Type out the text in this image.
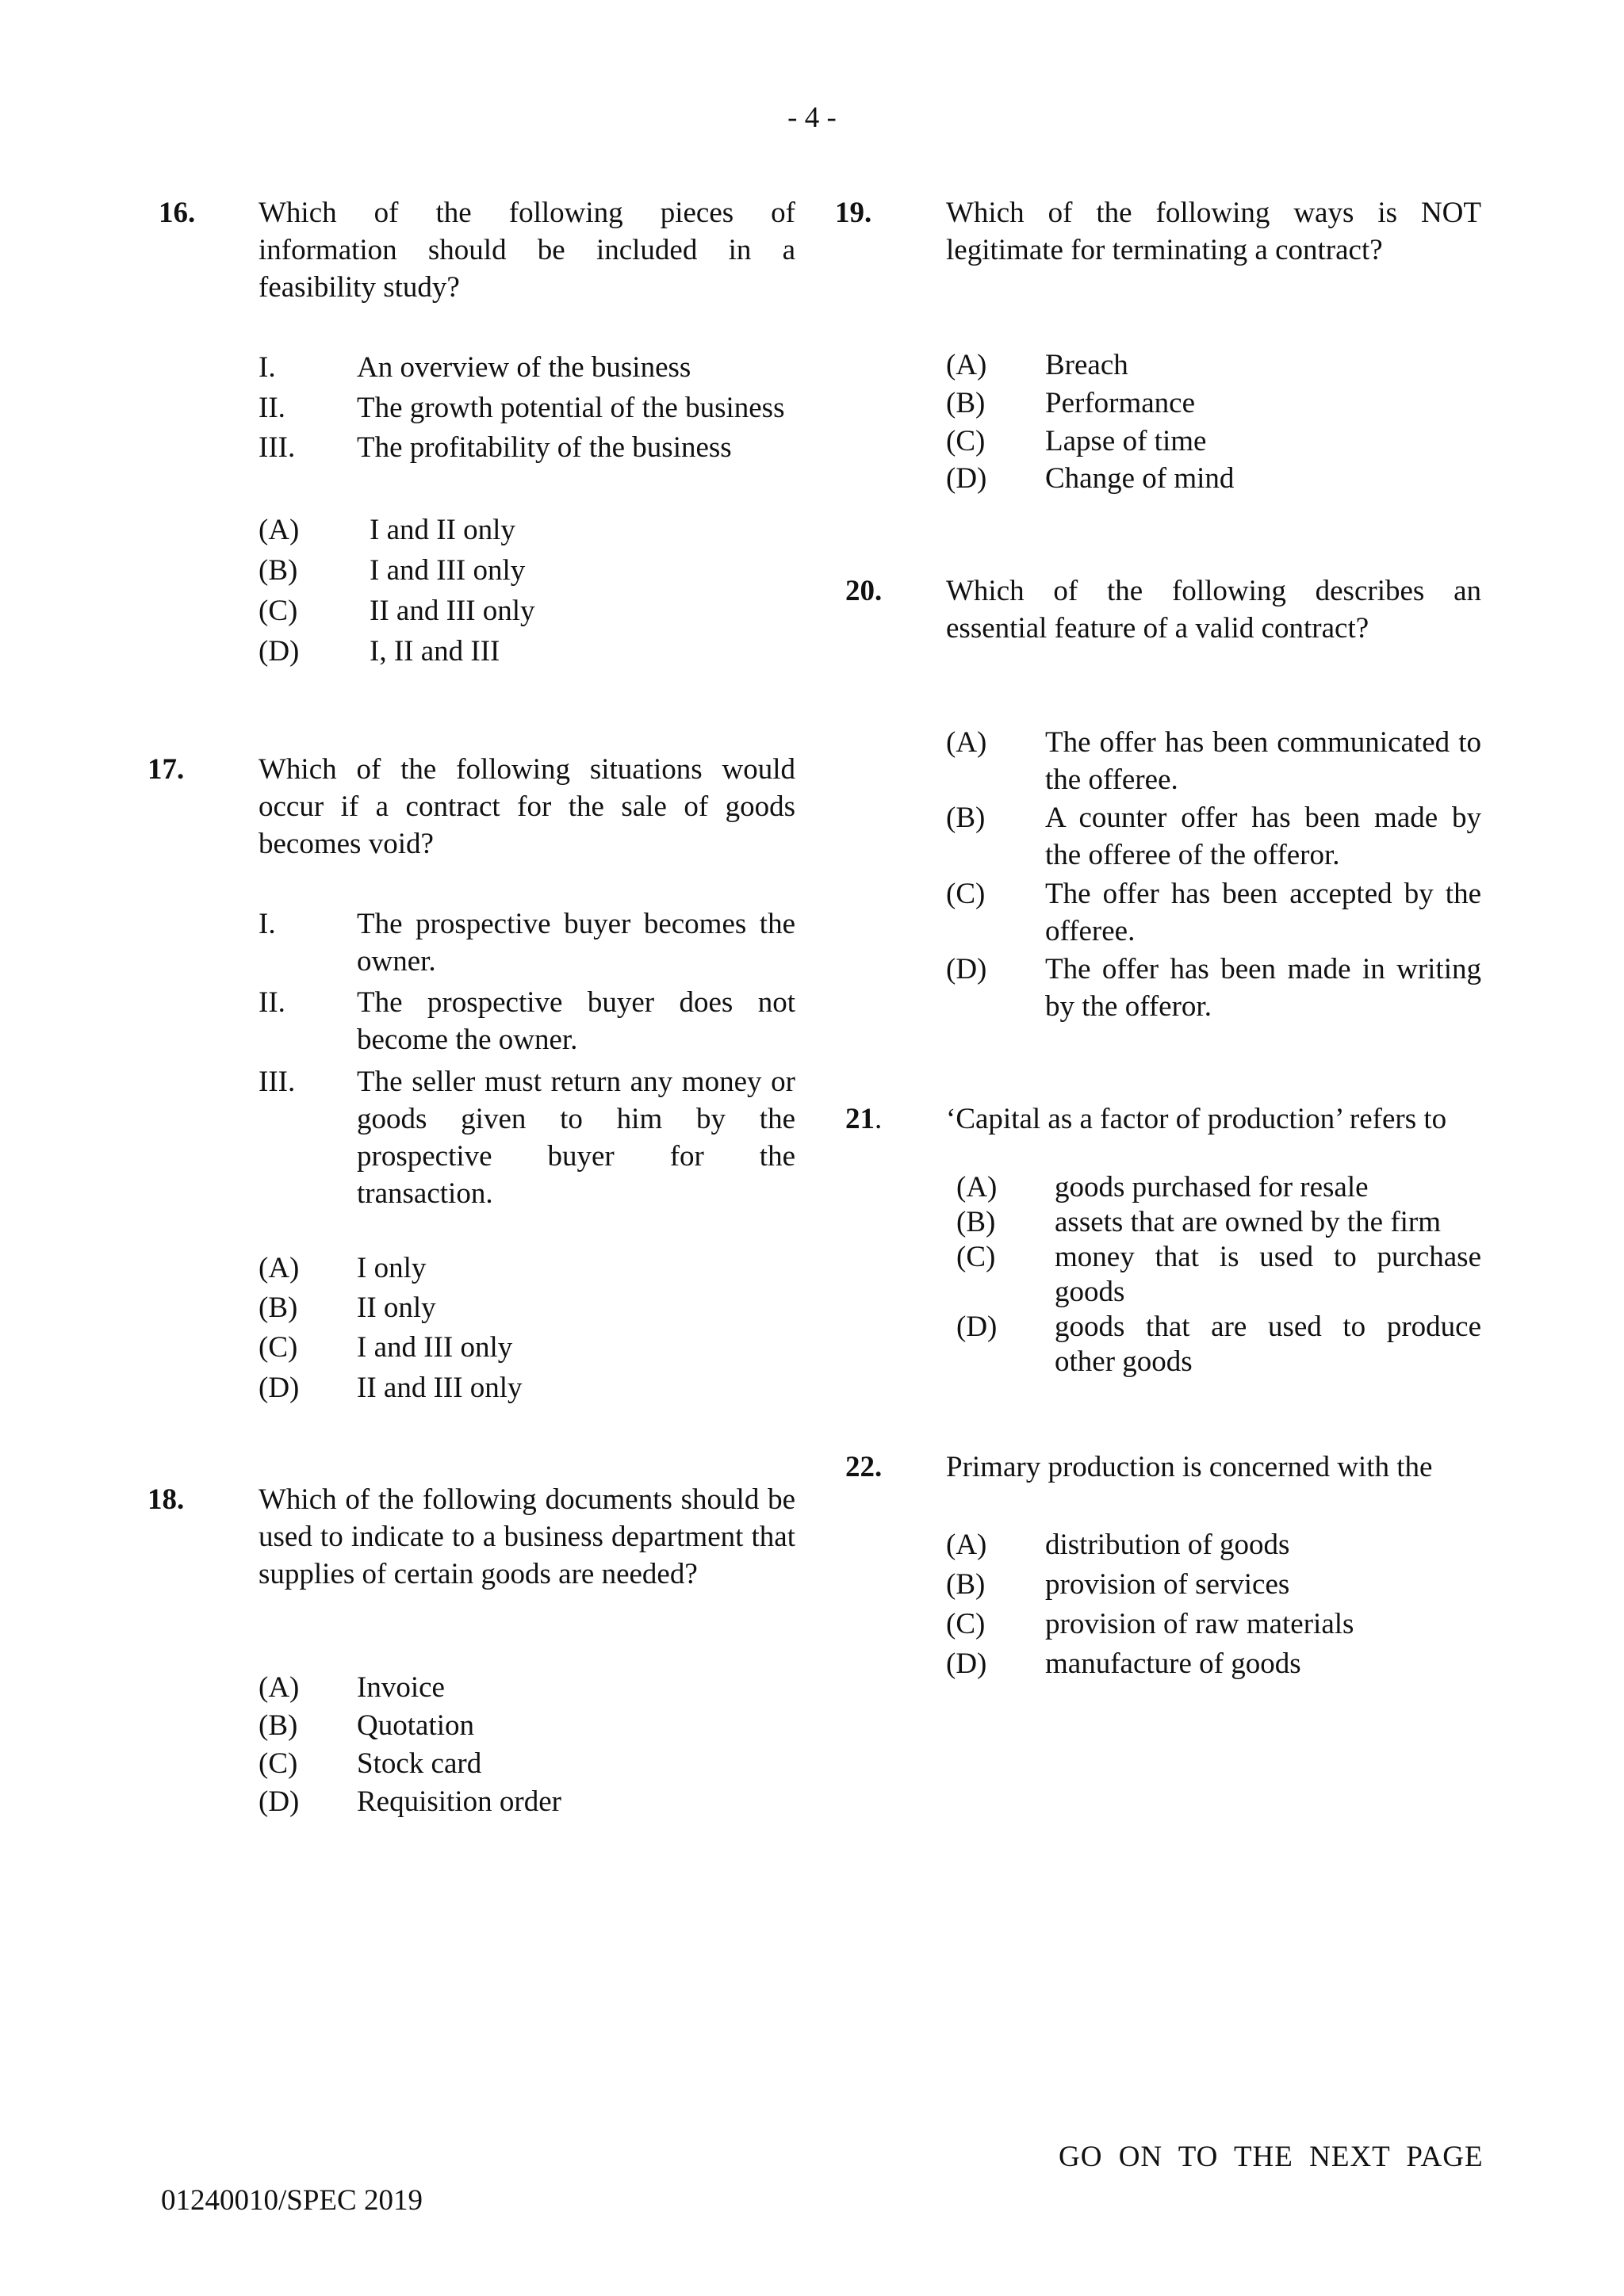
- 4 -
16. Which of the following pieces of
information should be included in a
feasibility study?
I.	An overview of the business
II. The growth potential of the business
III. The profitability of the business
(A) I and II only
(B) I and III only
(C) II and III only
(D) I, II and III
17.	Which of the following situations would
occur if a contract for the sale of goods
becomes void?
I.	The prospective buyer becomes the
owner.
II. The prospective buyer does not
become the owner.
III. The seller must return any money or
goods given to him by the
prospective buyer for the
transaction.
(A) I only
(B) II only
(C) I and III only
(D) II and III only
18.	Which of the following documents should be
used to indicate to a business department that
supplies of certain goods are needed?
(A) Invoice
(B) Quotation
(C) Stock card
(D) Requisition order
19.	Which of the following ways is NOT
legitimate for terminating a contract?
(A) Breach
(B) Performance
(C) Lapse of time
(D) Change of mind
20. Which of the following describes an
essential feature of a valid contract?
(A) The offer has been communicated to
the offeree.
(B) A counter offer has been made by
the offeree of the offeror.
(C) The offer has been accepted by the
offeree.
(D) The offer has been made in writing
by the offeror.
21. ‘Capital as a factor of production’ refers to
(A) goods purchased for resale
(B) assets that are owned by the firm
(C) money that is used to purchase
goods
(D) goods that are used to produce
other goods
22. Primary production is concerned with the
(A) distribution of goods
(B) provision of services
(C) provision of raw materials
(D) manufacture of goods
GO ON TO THE NEXT PAGE
01240010/SPEC 2019
